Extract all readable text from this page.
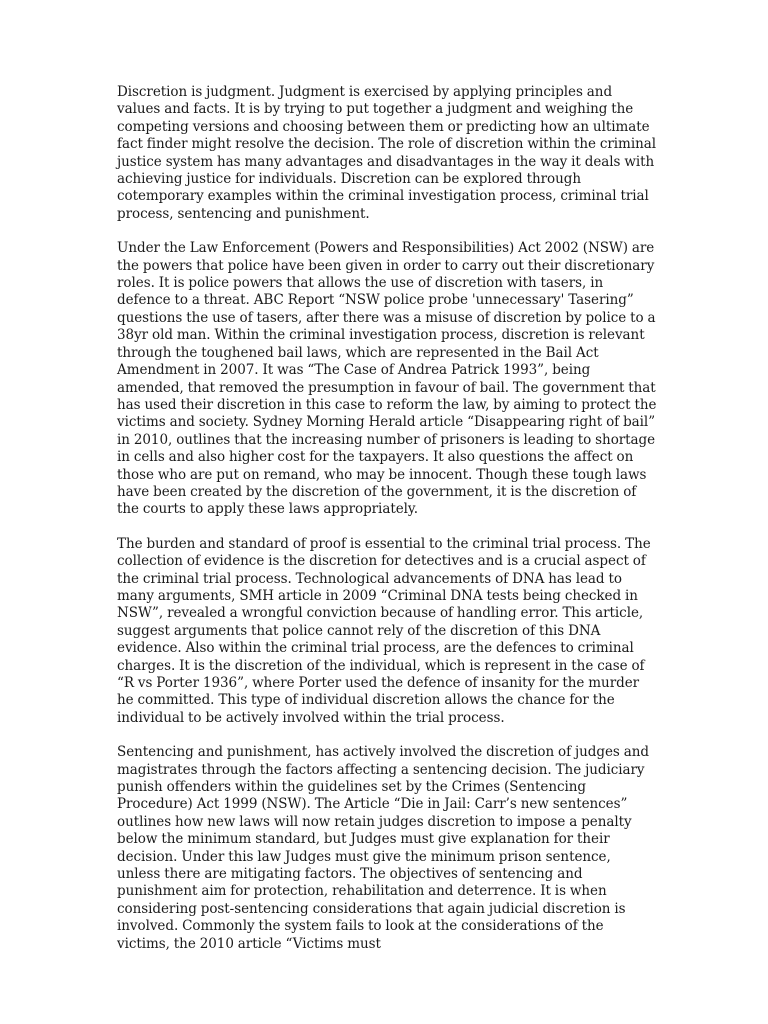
Discretion is judgment. Judgment is exercised by applying principles and values and facts. It is by trying to put together a judgment and weighing the competing versions and choosing between them or predicting how an ultimate fact finder might resolve the decision. The role of discretion within the criminal justice system has many advantages and disadvantages in the way it deals with achieving justice for individuals. Discretion can be explored through cotemporary examples within the criminal investigation process, criminal trial process, sentencing and punishment.

Under the Law Enforcement (Powers and Responsibilities) Act 2002 (NSW) are the powers that police have been given in order to carry out their discretionary roles. It is police powers that allows the use of discretion with tasers, in defence to a threat. ABC Report “NSW police probe 'unnecessary' Tasering” questions the use of tasers, after there was a misuse of discretion by police to a 38yr old man. Within the criminal investigation process, discretion is relevant through the toughened bail laws, which are represented in the Bail Act Amendment in 2007. It was “The Case of Andrea Patrick 1993”, being amended, that removed the presumption in favour of bail. The government that has used their discretion in this case to reform the law, by aiming to protect the victims and society. Sydney Morning Herald article “Disappearing right of bail” in 2010, outlines that the increasing number of prisoners is leading to shortage in cells and also higher cost for the taxpayers. It also questions the affect on those who are put on remand, who may be innocent. Though these tough laws have been created by the discretion of the government, it is the discretion of the courts to apply these laws appropriately.

The burden and standard of proof is essential to the criminal trial process. The collection of evidence is the discretion for detectives and is a crucial aspect of the criminal trial process. Technological advancements of DNA has lead to many arguments, SMH article in 2009 “Criminal DNA tests being checked in NSW”, revealed a wrongful conviction because of handling error. This article, suggest arguments that police cannot rely of the discretion of this DNA evidence. Also within the criminal trial process, are the defences to criminal charges. It is the discretion of the individual, which is represent in the case of “R vs Porter 1936”, where Porter used the defence of insanity for the murder he committed. This type of individual discretion allows the chance for the individual to be actively involved within the trial process.

Sentencing and punishment, has actively involved the discretion of judges and magistrates through the factors affecting a sentencing decision. The judiciary punish offenders within the guidelines set by the Crimes (Sentencing Procedure) Act 1999 (NSW). The Article “Die in Jail: Carr’s new sentences” outlines how new laws will now retain judges discretion to impose a penalty below the minimum standard, but Judges must give explanation for their decision. Under this law Judges must give the minimum prison sentence, unless there are mitigating factors. The objectives of sentencing and punishment aim for protection, rehabilitation and deterrence. It is when considering post-sentencing considerations that again judicial discretion is involved. Commonly the system fails to look at the considerations of the victims, the 2010 article “Victims must
